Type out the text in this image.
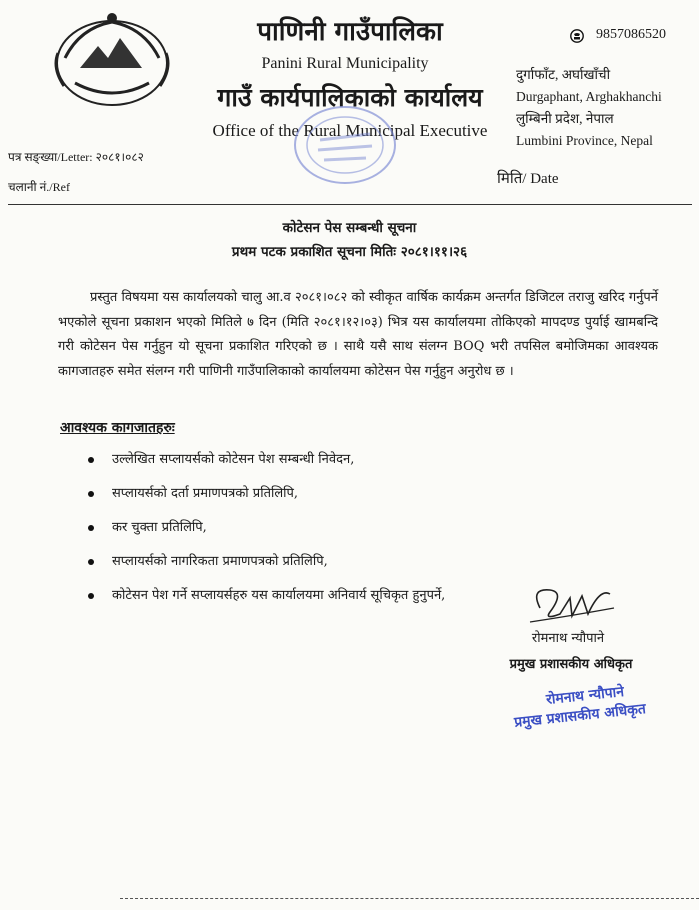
पाणिनी गाउँपालिका
Panini Rural Municipality
गाउँ कार्यपालिकाको कार्यालय
Office of the Rural Municipal Executive
9857086520
दुर्गाफाँट, अर्घाखाँची
Durgaphant, Arghakhanchi
लुम्बिनी प्रदेश, नेपाल
Lumbini Province, Nepal
पत्र सङ्ख्या/Letter: २०८१।०८२
चलानी नं./Ref	मिति/ Date
कोटेसन पेस सम्बन्धी सूचना
प्रथम पटक प्रकाशित सूचना मितिः २०८१।११।२६
प्रस्तुत विषयमा यस कार्यालयको चालु आ.व २०८१।०८२ को स्वीकृत वार्षिक कार्यक्रम अन्तर्गत डिजिटल तराजु खरिद गर्नुपर्ने भएकोले सूचना प्रकाशन भएको मितिले ७ दिन (मिति २०८१।१२।०३) भित्र यस कार्यालयमा तोकिएको मापदण्ड पुर्याई खामबन्दि गरी कोटेसन पेस गर्नुहुन यो सूचना प्रकाशित गरिएको छ । साथै यसै साथ संलग्न BOQ भरी तपसिल बमोजिमका आवश्यक कागजातहरु समेत संलग्न गरी पाणिनी गाउँपालिकाको कार्यालयमा कोटेसन पेस गर्नुहुन अनुरोध छ ।
आवश्यक कागजातहरुः
उल्लेखित सप्लायर्सको कोटेसन पेश सम्बन्धी निवेदन,
सप्लायर्सको दर्ता प्रमाणपत्रको प्रतिलिपि,
कर चुक्ता प्रतिलिपि,
सप्लायर्सको नागरिकता प्रमाणपत्रको प्रतिलिपि,
कोटेसन पेश गर्ने सप्लायर्सहरु यस कार्यालयमा अनिवार्य सूचिकृत हुनुपर्ने,
रोमनाथ न्यौपाने
प्रमुख प्रशासकीय अधिकृत
रोमनाथ न्यौपाने
प्रमुख प्रशासकीय अधिकृत
